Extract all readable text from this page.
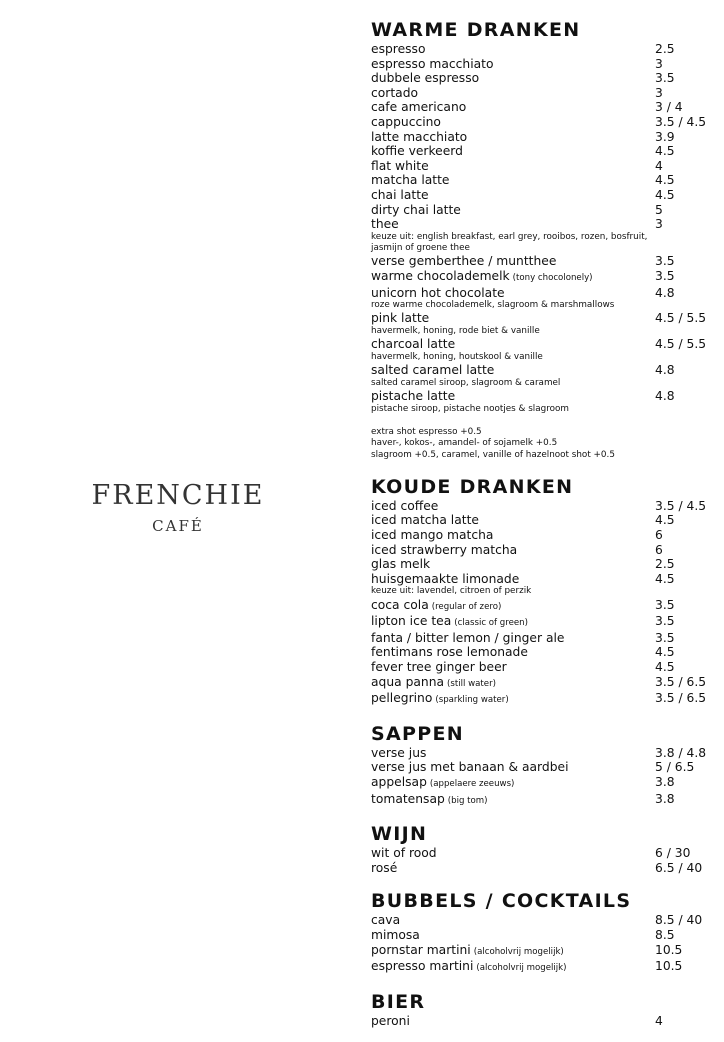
FRENCHIE
CAFÉ
WARME DRANKEN
espresso	2.5
espresso macchiato	3
dubbele espresso	3.5
cortado	3
cafe americano	3 / 4
cappuccino	3.5 / 4.5
latte macchiato	3.9
koffie verkeerd	4.5
flat white	4
matcha latte	4.5
chai latte	4.5
dirty chai latte	5
thee	3
keuze uit: english breakfast, earl grey, rooibos, rozen, bosfruit, jasmijn of groene thee
verse gemberthee / muntthee	3.5
warme chocolademelk (tony chocolonely)	3.5
unicorn hot chocolate	4.8
roze warme chocolademelk, slagroom & marshmallows
pink latte	4.5 / 5.5
havermelk, honing, rode biet & vanille
charcoal latte	4.5 / 5.5
havermelk, honing, houtskool & vanille
salted caramel latte	4.8
salted caramel siroop, slagroom & caramel
pistache latte	4.8
pistache siroop, pistache nootjes & slagroom
extra shot espresso +0.5
haver-, kokos-, amandel- of sojamelk +0.5
slagroom +0.5, caramel, vanille of hazelnoot shot +0.5
KOUDE DRANKEN
iced coffee	3.5 / 4.5
iced matcha latte	4.5
iced mango matcha	6
iced strawberry matcha	6
glas melk	2.5
huisgemaakte limonade	4.5
keuze uit: lavendel, citroen of perzik
coca cola (regular of zero)	3.5
lipton ice tea (classic of green)	3.5
fanta / bitter lemon / ginger ale	3.5
fentimans rose lemonade	4.5
fever tree ginger beer	4.5
aqua panna (still water)	3.5 / 6.5
pellegrino (sparkling water)	3.5 / 6.5
SAPPEN
verse jus	3.8 / 4.8
verse jus met banaan & aardbei	5 / 6.5
appelsap (appelaere zeeuws)	3.8
tomatensap (big tom)	3.8
WIJN
wit of rood	6 / 30
rosé	6.5 / 40
BUBBELS / COCKTAILS
cava	8.5 / 40
mimosa	8.5
pornstar martini (alcoholvrij mogelijk)	10.5
espresso martini (alcoholvrij mogelijk)	10.5
BIER
peroni	4
